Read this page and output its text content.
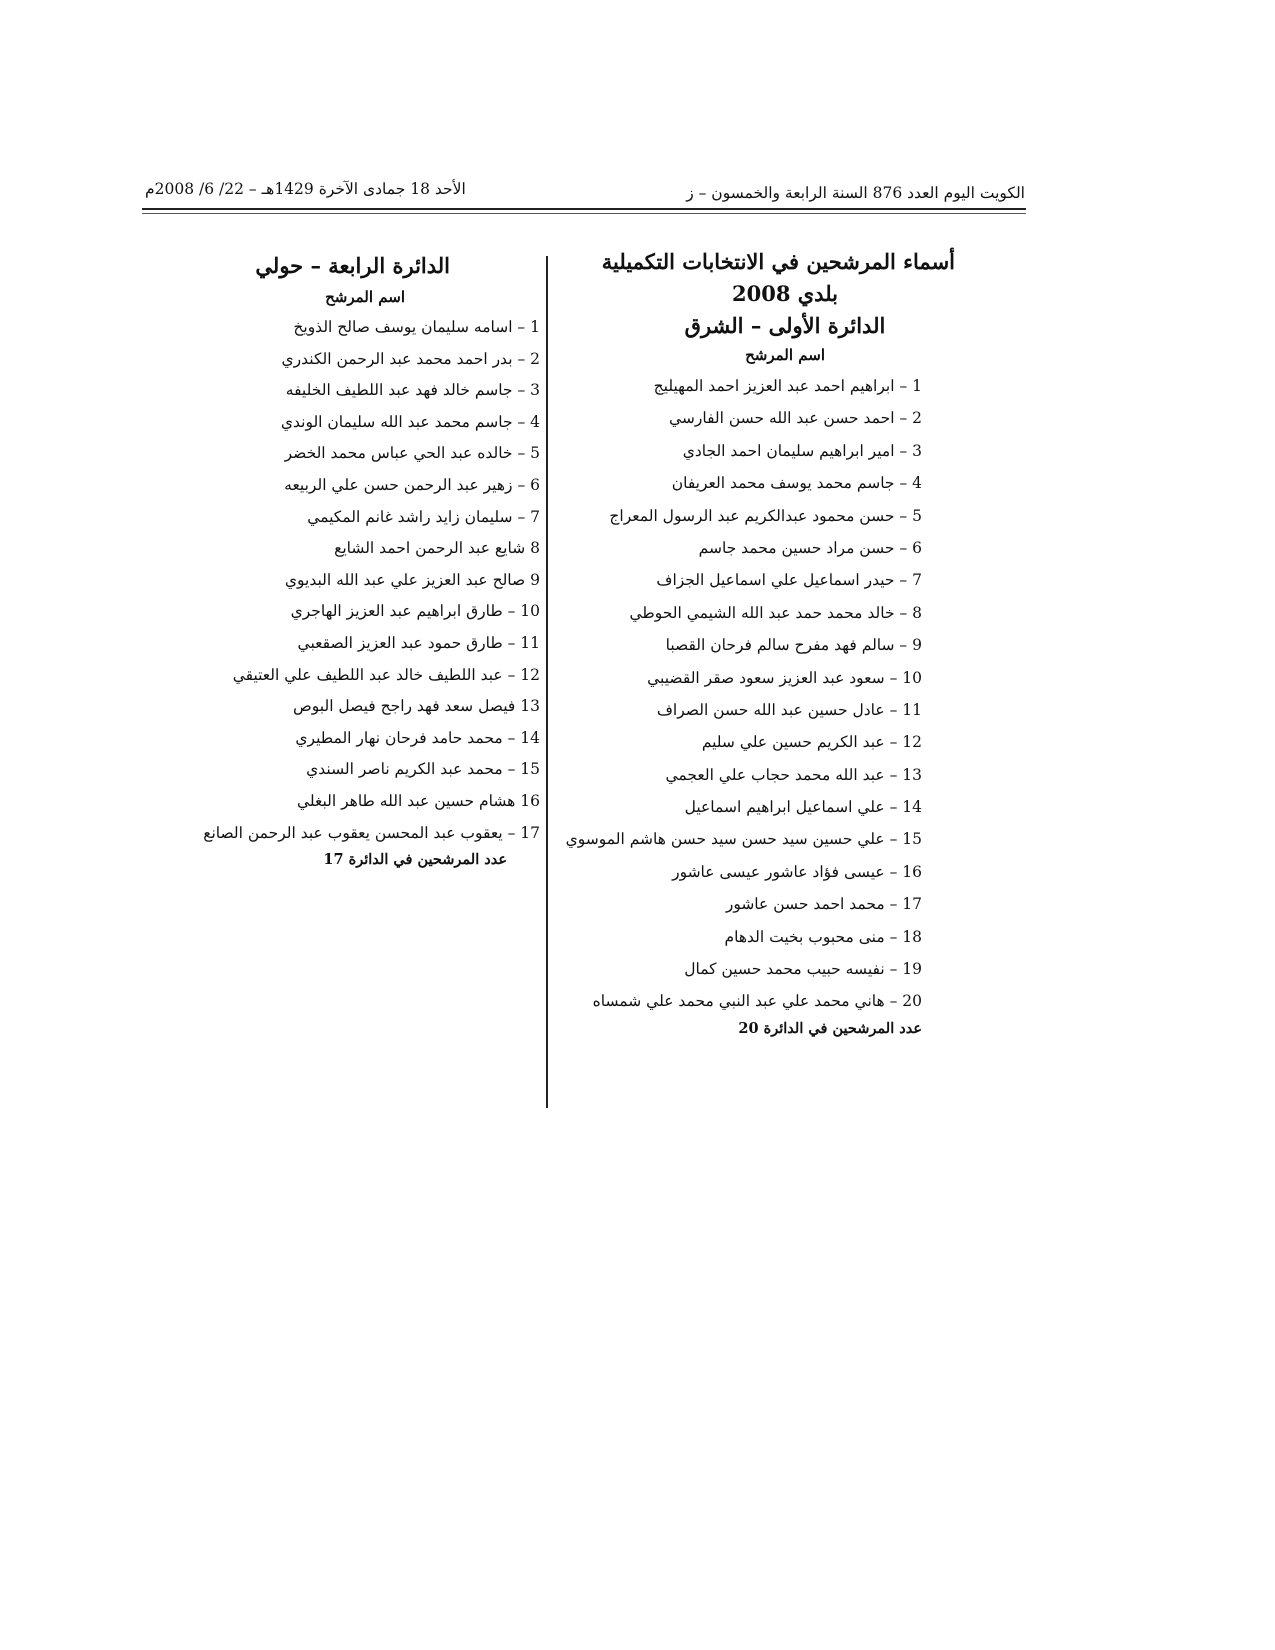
الكويت اليوم العدد 876 السنة الرابعة والخمسون – ز
الأحد 18 جمادى الآخرة 1429هـ – 22/ 6/ 2008م
أسماء المرشحين في الانتخابات التكميلية
بلدي 2008
الدائرة الأولى – الشرق
اسم المرشح
1 – ابراهيم احمد عبد العزيز احمد المهيليج
2 – احمد حسن عبد الله حسن الفارسي
3 – امير ابراهيم سليمان احمد الجادي
4 – جاسم محمد يوسف محمد العريفان
5 – حسن محمود عبدالكريم عبد الرسول المعراج
6 – حسن مراد حسين محمد جاسم
7 – حيدر اسماعيل علي اسماعيل الجزاف
8 – خالد محمد حمد عبد الله الشيمي الحوطي
9 – سالم فهد مفرح سالم فرحان القصبا
10 – سعود عبد العزيز سعود صقر القضيبي
11 – عادل حسين عبد الله حسن الصراف
12 – عبد الكريم حسين علي سليم
13 – عبد الله محمد حجاب علي العجمي
14 – علي اسماعيل ابراهيم اسماعيل
15 – علي حسين سيد حسن سيد حسن هاشم الموسوي
16 – عيسى فؤاد عاشور عيسى عاشور
17 – محمد احمد حسن عاشور
18 – منى محبوب بخيت الدهام
19 – نفيسه حبيب محمد حسين كمال
20 – هاني محمد علي عبد النبي محمد علي شمساه
عدد المرشحين في الدائرة 20
الدائرة الرابعة – حولي
اسم المرشح
1 – اسامه سليمان يوسف صالح الذويخ
2 – بدر احمد محمد عبد الرحمن الكندري
3 – جاسم خالد فهد عبد اللطيف الخليفه
4 – جاسم محمد عبد الله سليمان الوندي
5 – خالده عبد الحي عباس محمد الخضر
6 – زهير عبد الرحمن حسن علي الربيعه
7 – سليمان زايد راشد غانم المكيمي
8 شايع عبد الرحمن احمد الشايع
9 صالح عبد العزيز علي عبد الله البديوي
10 – طارق ابراهيم عبد العزيز الهاجري
11 – طارق حمود عبد العزيز الصقعبي
12 – عبد اللطيف خالد عبد اللطيف علي العتيقي
13 فيصل سعد فهد راجح فيصل البوص
14 – محمد حامد فرحان نهار المطيري
15 – محمد عبد الكريم ناصر السندي
16 هشام حسين عبد الله طاهر البغلي
17 – يعقوب عبد المحسن يعقوب عبد الرحمن الصانع
عدد المرشحين في الدائرة 17
